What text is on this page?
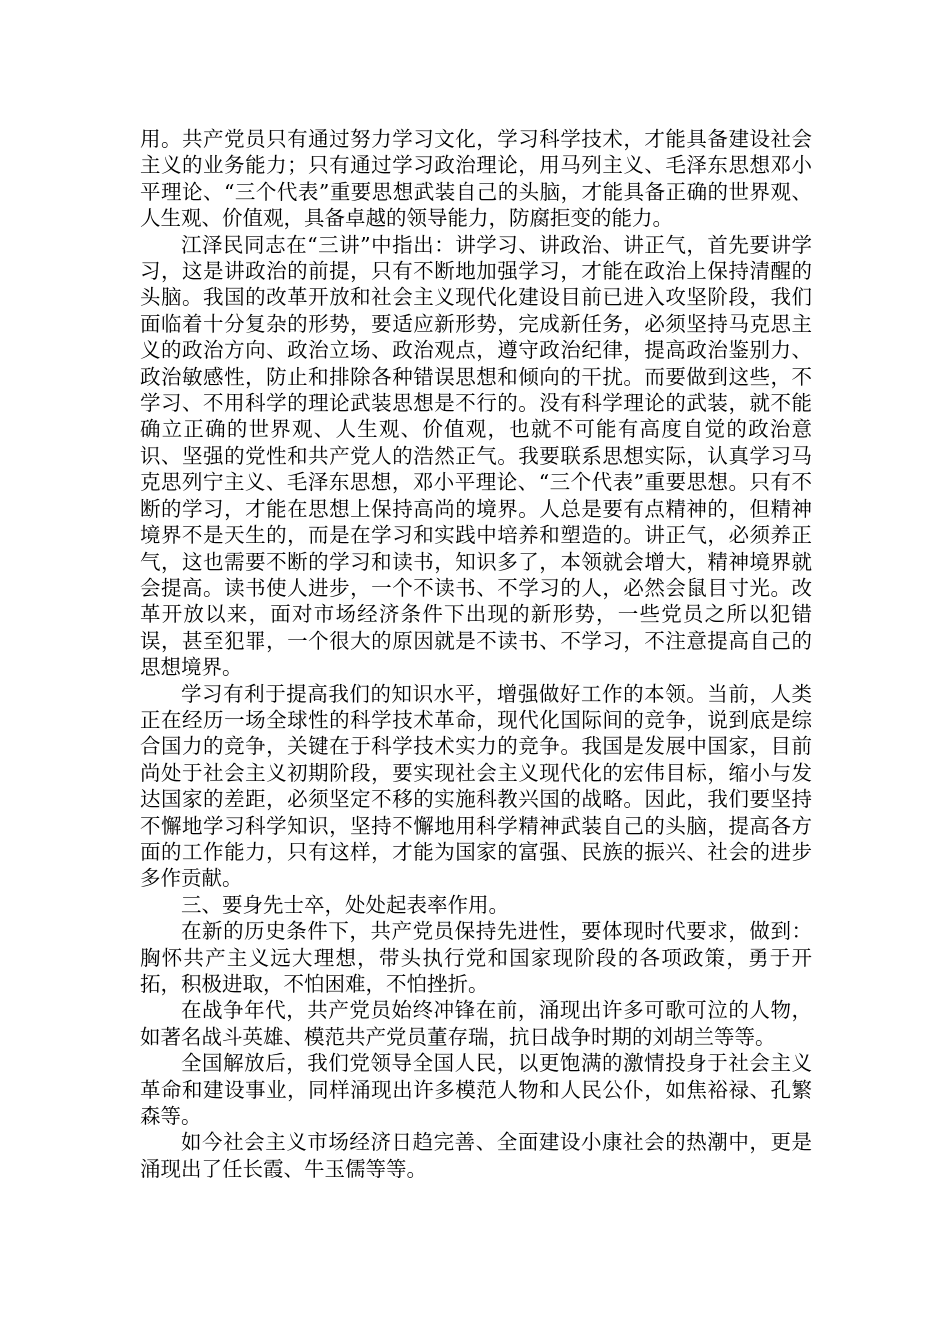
用。共产党员只有通过努力学习文化，学习科学技术，才能具备建设社会主义的业务能力；只有通过学习政治理论，用马列主义、毛泽东思想邓小平理论、“三个代表”重要思想武装自己的头脑，才能具备正确的世界观、人生观、价值观，具备卓越的领导能力，防腐拒变的能力。

江泽民同志在“三讲”中指出：讲学习、讲政治、讲正气，首先要讲学习，这是讲政治的前提，只有不断地加强学习，才能在政治上保持清醒的头脑。我国的改革开放和社会主义现代化建设目前已进入攻坚阶段，我们面临着十分复杂的形势，要适应新形势，完成新任务，必须坚持马克思主义的政治方向、政治立场、政治观点，遵守政治纪律，提高政治鉴别力、政治敏感性，防止和排除各种错误思想和倾向的干扰。而要做到这些，不学习、不用科学的理论武装思想是不行的。没有科学理论的武装，就不能确立正确的世界观、人生观、价值观，也就不可能有高度自觉的政治意识、坚强的党性和共产党人的浩然正气。我要联系思想实际，认真学习马克思列宁主义、毛泽东思想，邓小平理论、“三个代表”重要思想。只有不断的学习，才能在思想上保持高尚的境界。人总是要有点精神的，但精神境界不是天生的，而是在学习和实践中培养和塑造的。讲正气，必须养正气，这也需要不断的学习和读书，知识多了，本领就会增大，精神境界就会提高。读书使人进步，一个不读书、不学习的人，必然会鼠目寸光。改革开放以来，面对市场经济条件下出现的新形势，一些党员之所以犯错误，甚至犯罪，一个很大的原因就是不读书、不学习，不注意提高自己的思想境界。

学习有利于提高我们的知识水平，增强做好工作的本领。当前，人类正在经历一场全球性的科学技术革命，现代化国际间的竞争，说到底是综合国力的竞争，关键在于科学技术实力的竞争。我国是发展中国家，目前尚处于社会主义初期阶段，要实现社会主义现代化的宏伟目标，缩小与发达国家的差距，必须坚定不移的实施科教兴国的战略。因此，我们要坚持不懈地学习科学知识，坚持不懈地用科学精神武装自己的头脑，提高各方面的工作能力，只有这样，才能为国家的富强、民族的振兴、社会的进步多作贡献。

三、要身先士卒，处处起表率作用。

在新的历史条件下，共产党员保持先进性，要体现时代要求，做到：胸怀共产主义远大理想，带头执行党和国家现阶段的各项政策，勇于开拓，积极进取，不怕困难，不怕挫折。

在战争年代，共产党员始终冲锋在前，涌现出许多可歌可泣的人物，如著名战斗英雄、模范共产党员董存瑞，抗日战争时期的刘胡兰等等。

全国解放后，我们党领导全国人民，以更饱满的激情投身于社会主义革命和建设事业，同样涌现出许多模范人物和人民公仆，如焦裕禄、孔繁森等。

如今社会主义市场经济日趋完善、全面建设小康社会的热潮中，更是涌现出了任长霞、牛玉儒等等。
